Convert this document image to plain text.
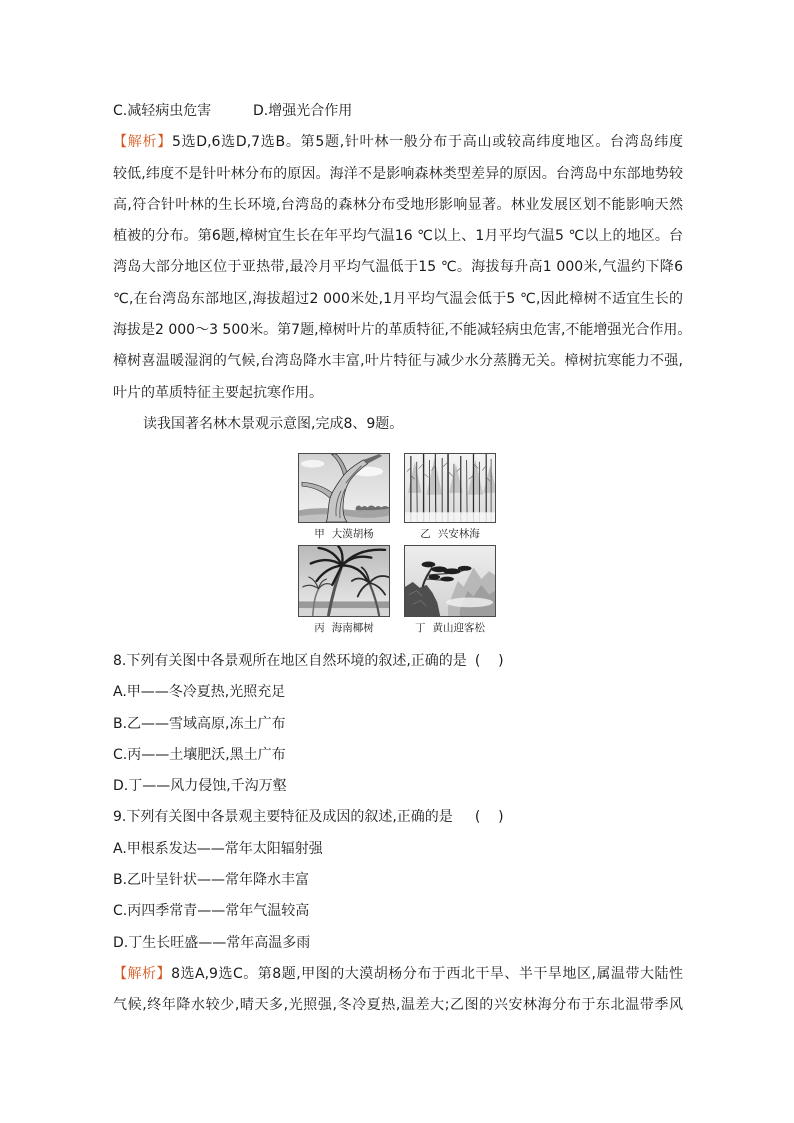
C.减轻病虫危害	D.增强光合作用
【解析】5选D,6选D,7选B。第5题,针叶林一般分布于高山或较高纬度地区。台湾岛纬度
较低,纬度不是针叶林分布的原因。海洋不是影响森林类型差异的原因。台湾岛中东部地势较
高,符合针叶林的生长环境,台湾岛的森林分布受地形影响显著。林业发展区划不能影响天然
植被的分布。第6题,樟树宜生长在年平均气温16 ℃以上、1月平均气温5 ℃以上的地区。台
湾岛大部分地区位于亚热带,最冷月平均气温低于15 ℃。海拔每升高1 000米,气温约下降6
℃,在台湾岛东部地区,海拔超过2 000米处,1月平均气温会低于5 ℃,因此樟树不适宜生长的
海拔是2 000～3 500米。第7题,樟树叶片的革质特征,不能减轻病虫危害,不能增强光合作用。
樟树喜温暖湿润的气候,台湾岛降水丰富,叶片特征与减少水分蒸腾无关。樟树抗寒能力不强,
叶片的革质特征主要起抗寒作用。
读我国著名林木景观示意图,完成8、9题。
甲 大漠胡杨	乙 兴安林海
丙 海南椰树	丁 黄山迎客松
8.下列有关图中各景观所在地区自然环境的叙述,正确的是 (    )
A.甲——冬冷夏热,光照充足
B.乙——雪域高原,冻土广布
C.丙——土壤肥沃,黑土广布
D.丁——风力侵蚀,千沟万壑
9.下列有关图中各景观主要特征及成因的叙述,正确的是 (    )
A.甲根系发达——常年太阳辐射强
B.乙叶呈针状——常年降水丰富
C.丙四季常青——常年气温较高
D.丁生长旺盛——常年高温多雨
【解析】8选A,9选C。第8题,甲图的大漠胡杨分布于西北干旱、半干旱地区,属温带大陆性
气候,终年降水较少,晴天多,光照强,冬冷夏热,温差大;乙图的兴安林海分布于东北温带季风
